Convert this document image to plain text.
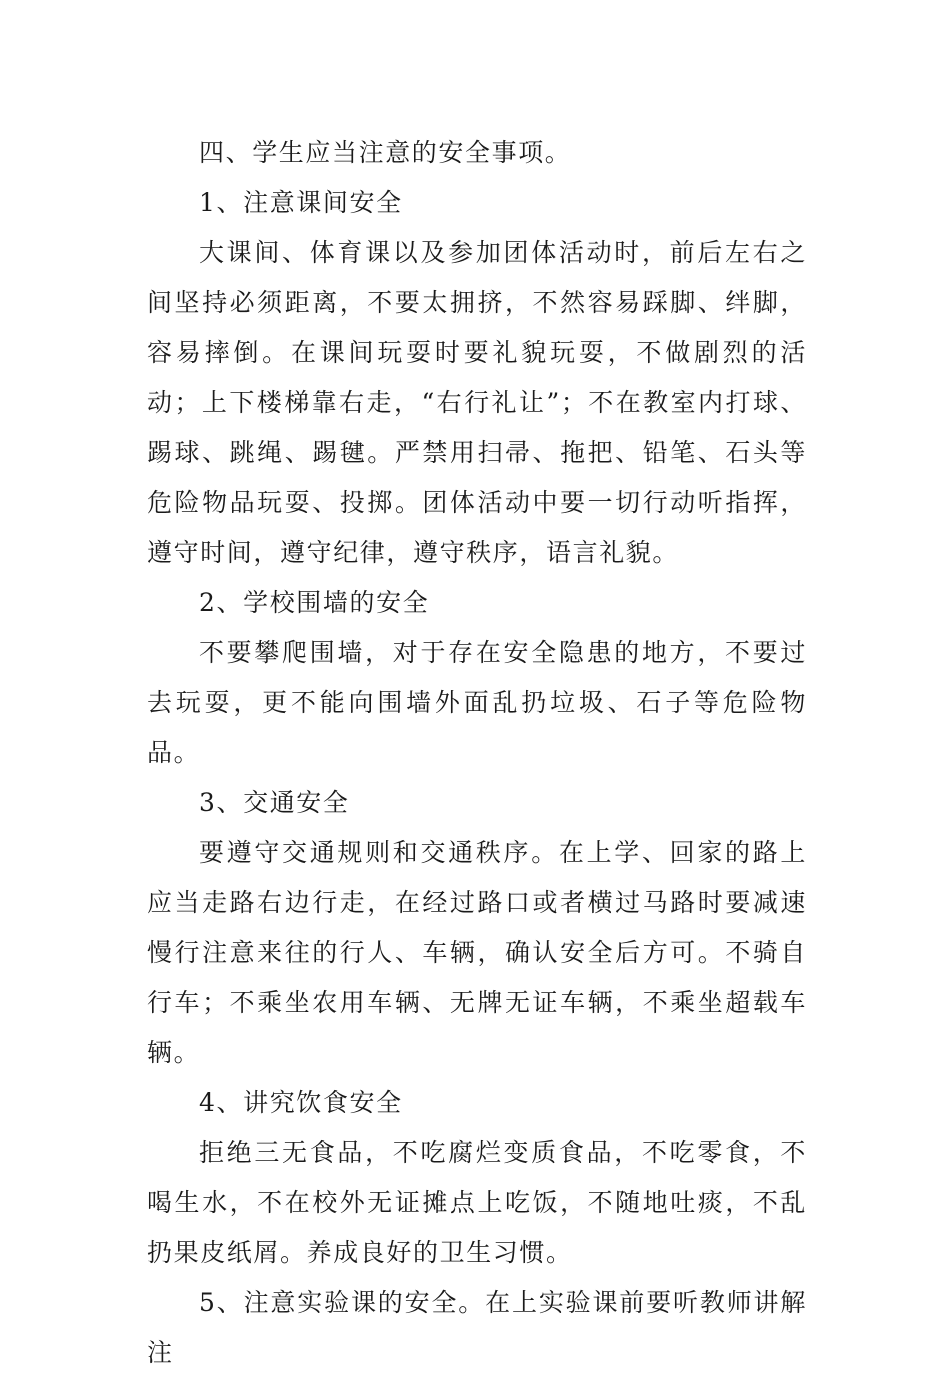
四、学生应当注意的安全事项。

1、注意课间安全

大课间、体育课以及参加团体活动时，前后左右之间坚持必须距离，不要太拥挤，不然容易踩脚、绊脚，容易摔倒。在课间玩耍时要礼貌玩耍，不做剧烈的活动；上下楼梯靠右走，“右行礼让”；不在教室内打球、踢球、跳绳、踢毽。严禁用扫帚、拖把、铅笔、石头等危险物品玩耍、投掷。团体活动中要一切行动听指挥，遵守时间，遵守纪律，遵守秩序，语言礼貌。

2、学校围墙的安全

不要攀爬围墙，对于存在安全隐患的地方，不要过去玩耍，更不能向围墙外面乱扔垃圾、石子等危险物品。

3、交通安全

要遵守交通规则和交通秩序。在上学、回家的路上应当走路右边行走，在经过路口或者横过马路时要减速慢行注意来往的行人、车辆，确认安全后方可。不骑自行车；不乘坐农用车辆、无牌无证车辆，不乘坐超载车辆。

4、讲究饮食安全

拒绝三无食品，不吃腐烂变质食品，不吃零食，不喝生水，不在校外无证摊点上吃饭，不随地吐痰，不乱扔果皮纸屑。养成良好的卫生习惯。

5、注意实验课的安全。在上实验课前要听教师讲解注
